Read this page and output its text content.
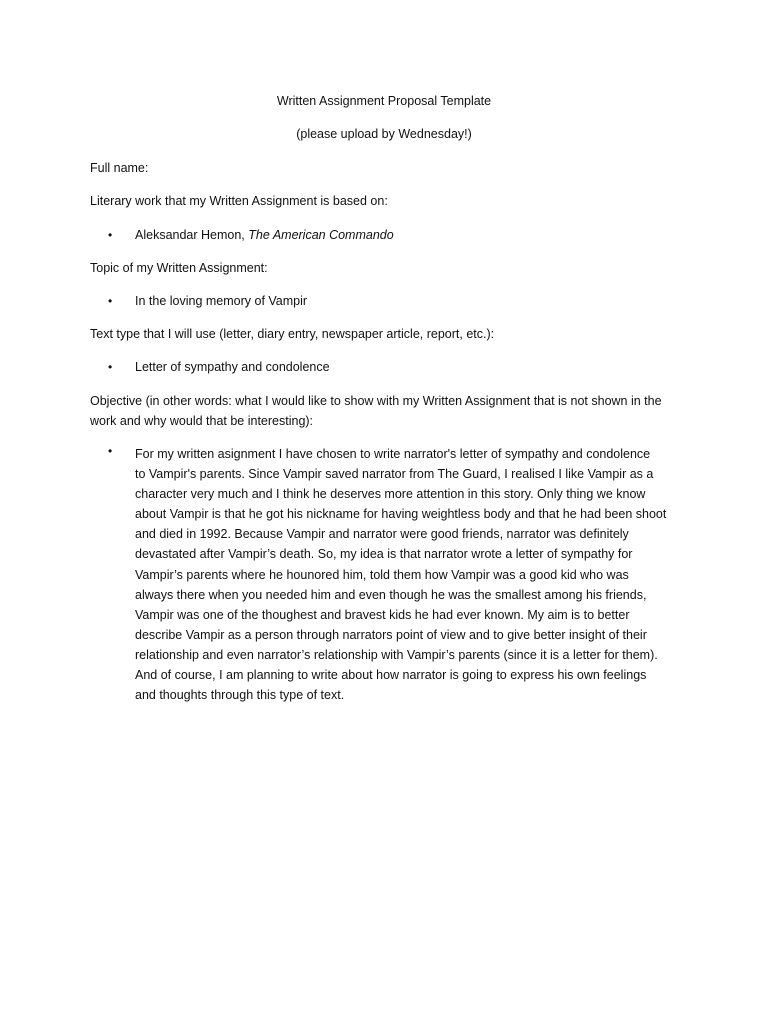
Written Assignment Proposal Template
(please upload by Wednesday!)
Full name:
Literary work that my Written Assignment is based on:
•	Aleksandar Hemon, The American Commando
Topic of my Written Assignment:
•	In the loving memory of Vampir
Text type that I will use (letter, diary entry, newspaper article, report, etc.):
•	Letter of sympathy and condolence
Objective (in other words: what I would like to show with my Written Assignment that is not shown in the work and why would that be interesting):
•	For my written asignment I have chosen to write narrator's letter of sympathy and condolence
to Vampir's parents. Since Vampir saved narrator from The Guard, I realised I like Vampir as a
character very much and I think he deserves more attention in this story. Only thing we know
about Vampir is that he got his nickname for having weightless body and that he had been shoot
and died in 1992. Because Vampir and narrator were good friends, narrator was definitely
devastated after Vampir’s death. So, my idea is that narrator wrote a letter of sympathy for
Vampir’s parents where he hounored him, told them how Vampir was a good kid who was
always there when you needed him and even though he was the smallest among his friends,
Vampir was one of the thoughest and bravest kids he had ever known. My aim is to better
describe Vampir as a person through narrators point of view and to give better insight of their
relationship and even narrator’s relationship with Vampir’s parents (since it is a letter for them).
And of course, I am planning to write about how narrator is going to express his own feelings
and thoughts through this type of text.
